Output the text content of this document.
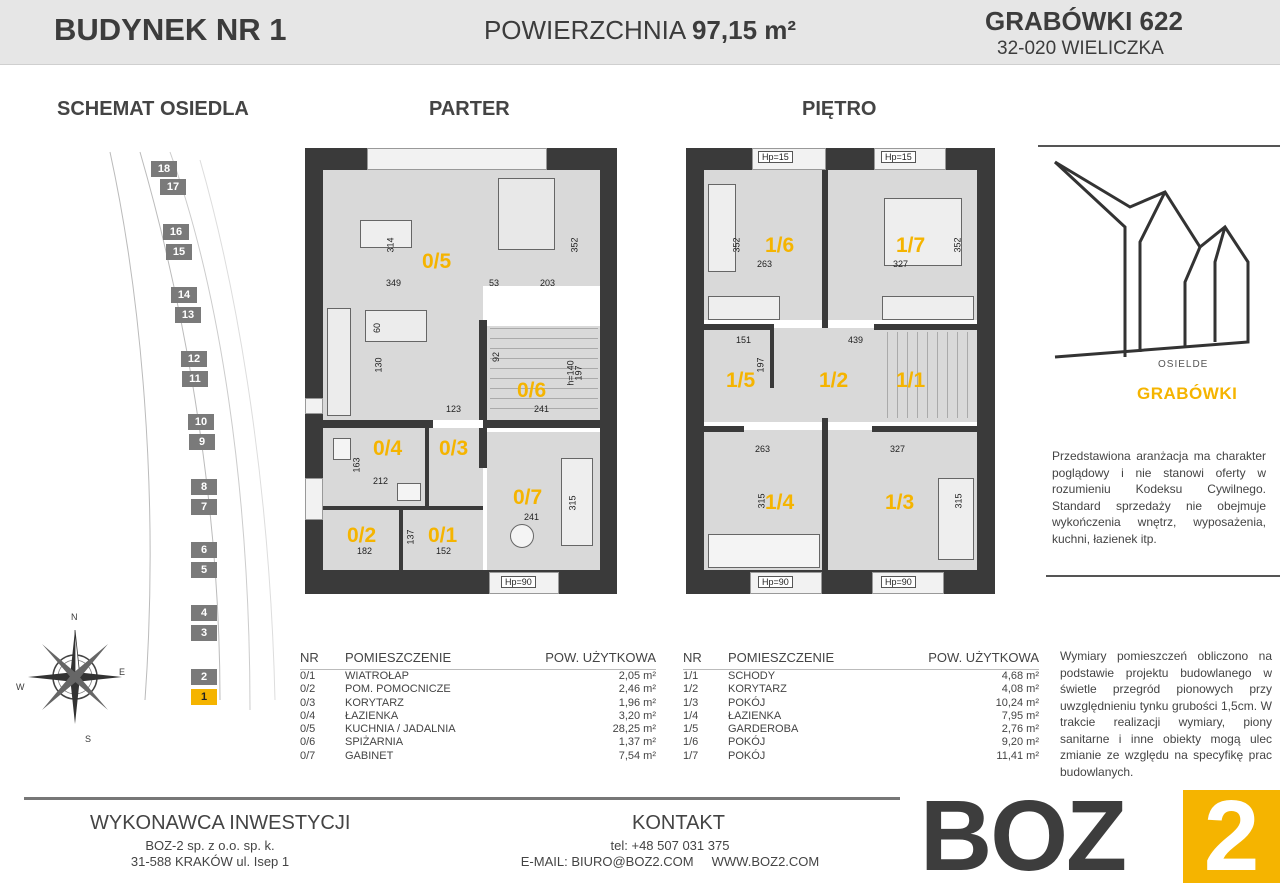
BUDYNEK NR 1	POWIERZCHNIA 97,15 m²	GRABÓWKI 622
32-020 WIELICZKA
SCHEMAT OSIEDLA	PARTER	PIĘTRO
18
17
16
15
14
13
12
11
10
9
8
7
6
5
4
3
2
1
N
E
S
W
Hp=90
0/5
0/6
0/4 0/3
0/7
0/2 0/1
314	352
349	53	203
60
130
92
h=140
197
123	241
163
212
137
182	152
241
315
Hp=15	Hp=15
Hp=90	Hp=90
1/6	1/7
1/5	1/2 1/1
1/4	1/3
352
263
352
327
151	439
197
263	327
315	315
OSIELDE
GRABÓWKI
Przedstawiona aranżacja ma charakter poglądowy i nie stanowi oferty w rozumieniu Kodeksu Cywilnego. Standard sprzedaży nie obejmuje wykończenia wnętrz, wyposażenia, kuchni, łazienek itp.
NR	POMIESZCZENIE	POW. UŻYTKOWA
0/1	WIATROŁAP	2,05 m²
0/2	POM. POMOCNICZE	2,46 m²
0/3	KORYTARZ	1,96 m²
0/4	ŁAZIENKA	3,20 m²
0/5	KUCHNIA / JADALNIA	28,25 m²
0/6	SPIŻARNIA	1,37 m²
0/7	GABINET	7,54 m²
NR	POMIESZCZENIE	POW. UŻYTKOWA
1/1	SCHODY	4,68 m²
1/2	KORYTARZ	4,08 m²
1/3	POKÓJ	10,24 m²
1/4	ŁAZIENKA	7,95 m²
1/5	GARDEROBA	2,76 m²
1/6	POKÓJ	9,20 m²
1/7	POKÓJ	11,41 m²
Wymiary pomieszczeń obliczono na podstawie projektu budowlanego w świetle przegród pionowych przy uwzględnieniu tynku grubości 1,5cm. W trakcie realizacji wymiary, piony sanitarne i inne obiekty mogą ulec zmianie ze względu na specyfikę prac budowlanych.
WYKONAWCA INWESTYCJI
BOZ-2 sp. z o.o. sp. k.
31-588 KRAKÓW ul. Isep 1
KONTAKT
tel: +48 507 031 375
E-MAIL: BIURO@BOZ2.COM     WWW.BOZ2.COM	BOZ 2
